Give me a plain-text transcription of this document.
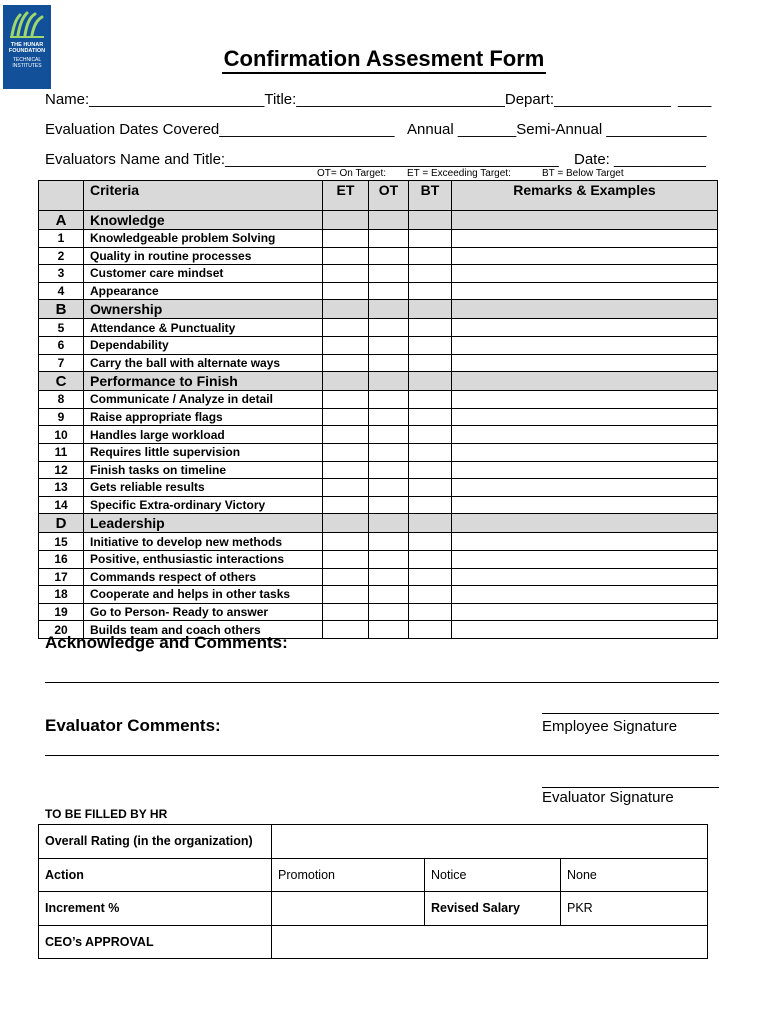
THE HUNAR
FOUNDATION
TECHNICAL
INSTITUTES	Confirmation Assesment Form
Name:_____________________Title:_________________________Depart:______________ ____
Evaluation Dates Covered_____________________ Annual _______Semi-Annual ____________
Evaluators Name and Title:________________________________________ Date: ___________
OT= On Target: ET = Exceeding Target:	BT = Below Target
	Criteria	ET	OT	BT	Remarks & Examples
A	Knowledge				
1	Knowledgeable problem Solving				
2	Quality in routine processes				
3	Customer care mindset				
4	Appearance				
B	Ownership				
5	Attendance & Punctuality				
6	Dependability				
7	Carry the ball with alternate ways				
C	Performance to Finish				
8	Communicate / Analyze in detail				
9	Raise appropriate flags				
10	Handles large workload				
11	Requires little supervision				
12	Finish tasks on timeline				
13	Gets reliable results				
14	Specific Extra-ordinary Victory				
D	Leadership				
15	Initiative to develop new methods				
16	Positive, enthusiastic interactions				
17	Commands respect of others				
18	Cooperate and helps in other tasks				
19	Go to Person- Ready to answer				
20	Builds team and coach others				
Acknowledge and Comments:
Employee Signature
Evaluator Comments:
Evaluator Signature
TO BE FILLED BY HR
Overall Rating (in the organization)			
Action	Promotion	Notice	None
Increment %		Revised Salary	PKR
CEO’s APPROVAL			
